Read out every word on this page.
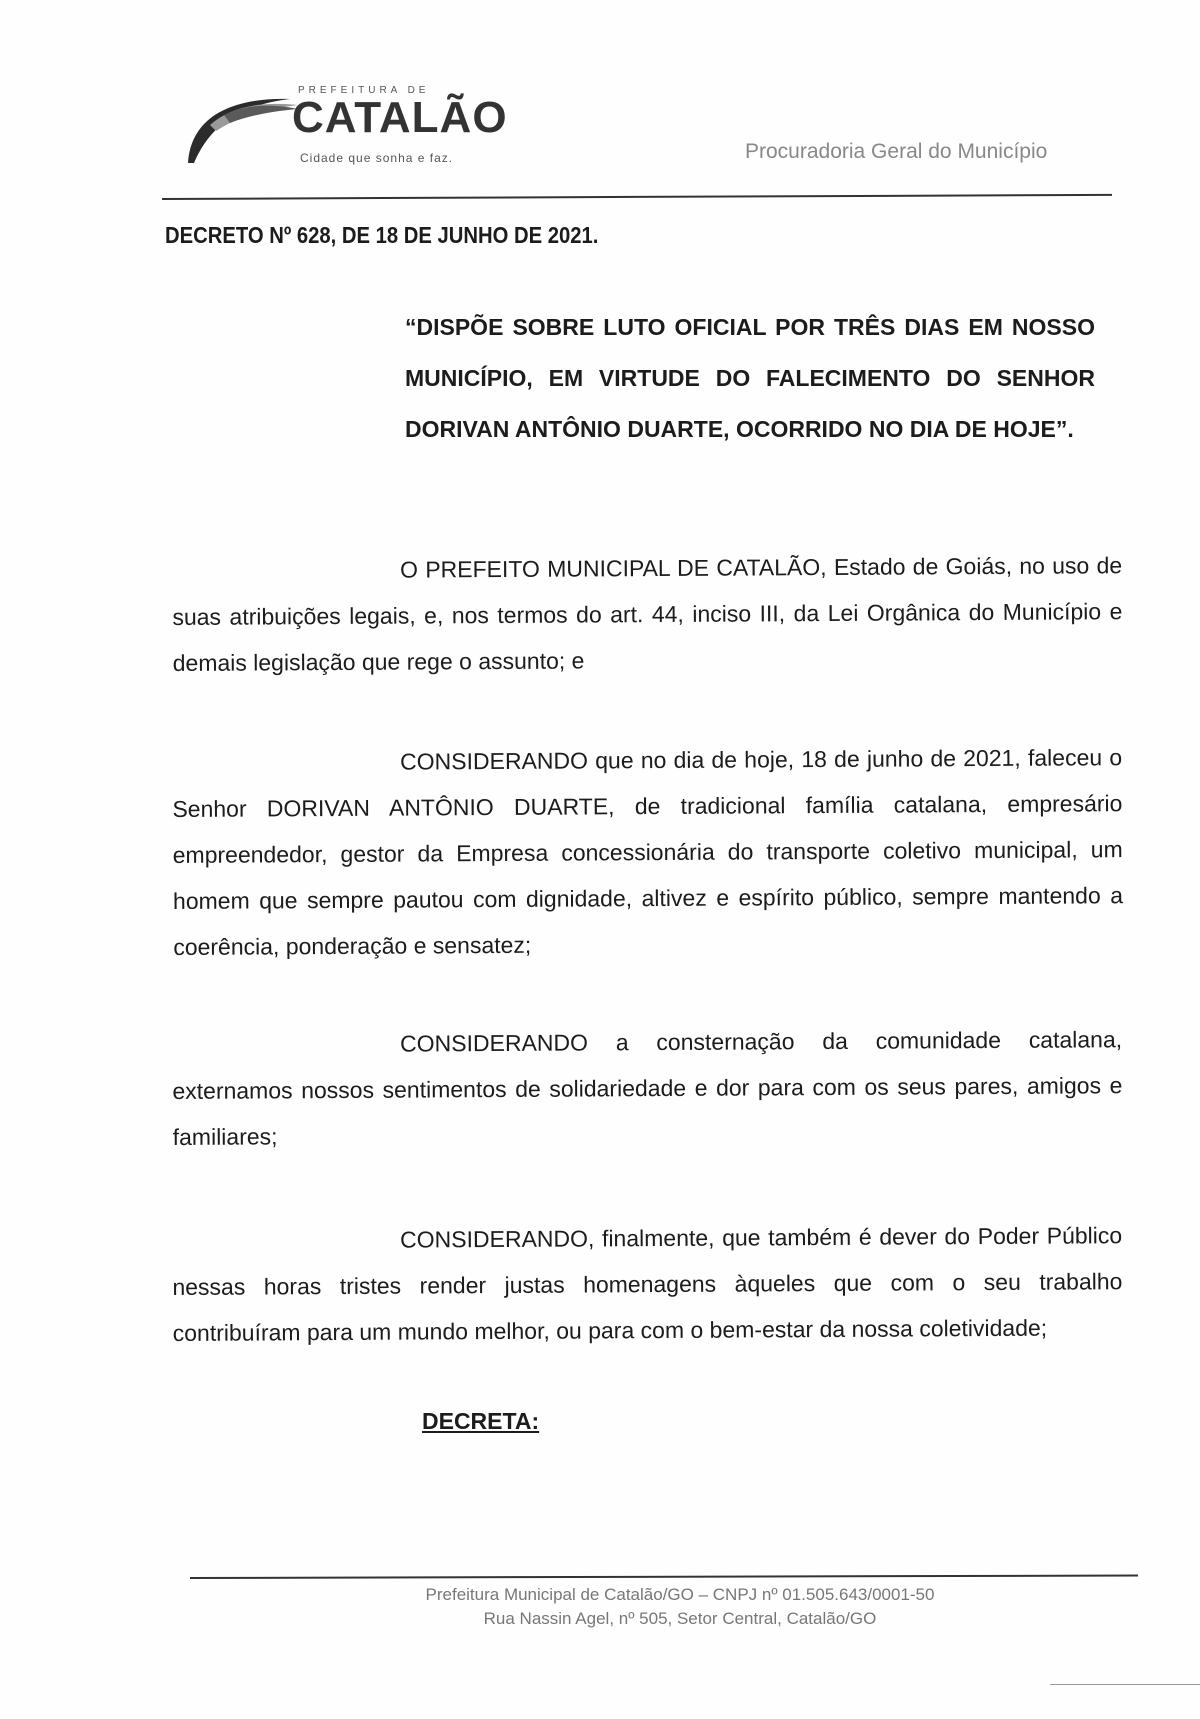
PREFEITURA DE
CATALÃO
Cidade que sonha e faz.	Procuradoria Geral do Município
DECRETO Nº 628, DE 18 DE JUNHO DE 2021.
“DISPÕE SOBRE LUTO OFICIAL POR TRÊS DIAS EM NOSSO MUNICÍPIO, EM VIRTUDE DO FALECIMENTO DO SENHOR DORIVAN ANTÔNIO DUARTE, OCORRIDO NO DIA DE HOJE”.
O PREFEITO MUNICIPAL DE CATALÃO, Estado de Goiás, no uso de suas atribuições legais, e, nos termos do art. 44, inciso III, da Lei Orgânica do Município e demais legislação que rege o assunto; e
CONSIDERANDO que no dia de hoje, 18 de junho de 2021, faleceu o Senhor DORIVAN ANTÔNIO DUARTE, de tradicional família catalana, empresário empreendedor, gestor da Empresa concessionária do transporte coletivo municipal, um homem que sempre pautou com dignidade, altivez e espírito público, sempre mantendo a coerência, ponderação e sensatez;
CONSIDERANDO a consternação da comunidade catalana, externamos nossos sentimentos de solidariedade e dor para com os seus pares, amigos e familiares;
CONSIDERANDO, finalmente, que também é dever do Poder Público nessas horas tristes render justas homenagens àqueles que com o seu trabalho contribuíram para um mundo melhor, ou para com o bem-estar da nossa coletividade;
DECRETA:
Prefeitura Municipal de Catalão/GO – CNPJ nº 01.505.643/0001-50
Rua Nassin Agel, nº 505, Setor Central, Catalão/GO
